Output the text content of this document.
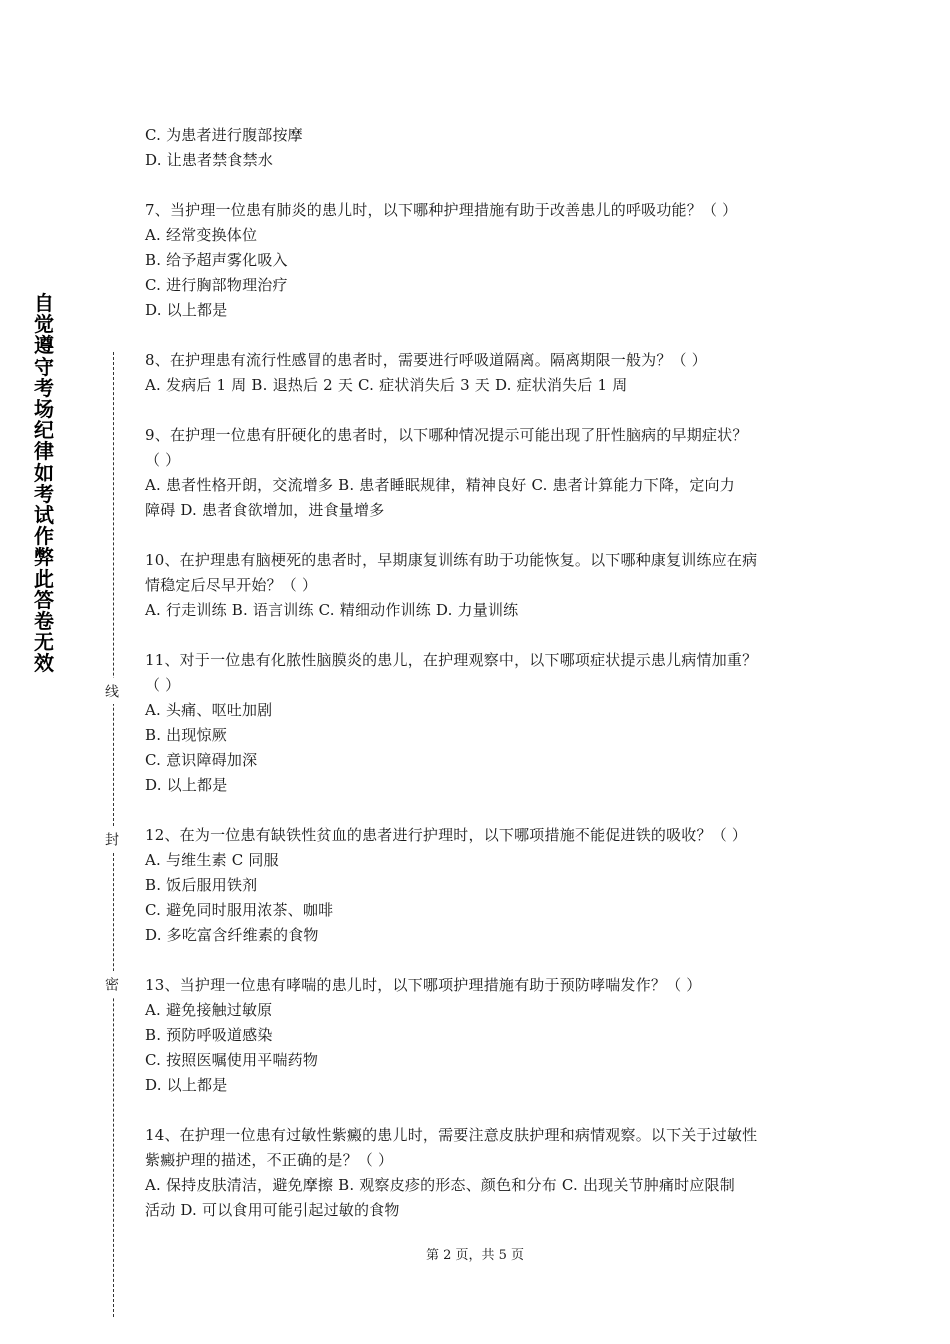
自觉遵守考场纪律如考试作弊此答卷无效
线
封
密
C. 为患者进行腹部按摩
D. 让患者禁食禁水
7、当护理一位患有肺炎的患儿时，以下哪种护理措施有助于改善患儿的呼吸功能？（ ）
A. 经常变换体位
B. 给予超声雾化吸入
C. 进行胸部物理治疗
D. 以上都是
8、在护理患有流行性感冒的患者时，需要进行呼吸道隔离。隔离期限一般为？（ ）
A. 发病后 1 周 B. 退热后 2 天 C. 症状消失后 3 天 D. 症状消失后 1 周
9、在护理一位患有肝硬化的患者时，以下哪种情况提示可能出现了肝性脑病的早期症状？
（ ）
A. 患者性格开朗，交流增多 B. 患者睡眠规律，精神良好 C. 患者计算能力下降，定向力
障碍 D. 患者食欲增加，进食量增多
10、在护理患有脑梗死的患者时，早期康复训练有助于功能恢复。以下哪种康复训练应在病
情稳定后尽早开始？（ ）
A. 行走训练 B. 语言训练 C. 精细动作训练 D. 力量训练
11、对于一位患有化脓性脑膜炎的患儿，在护理观察中，以下哪项症状提示患儿病情加重？
（ ）
A. 头痛、呕吐加剧
B. 出现惊厥
C. 意识障碍加深
D. 以上都是
12、在为一位患有缺铁性贫血的患者进行护理时，以下哪项措施不能促进铁的吸收？（ ）
A. 与维生素 C 同服
B. 饭后服用铁剂
C. 避免同时服用浓茶、咖啡
D. 多吃富含纤维素的食物
13、当护理一位患有哮喘的患儿时，以下哪项护理措施有助于预防哮喘发作？（ ）
A. 避免接触过敏原
B. 预防呼吸道感染
C. 按照医嘱使用平喘药物
D. 以上都是
14、在护理一位患有过敏性紫癜的患儿时，需要注意皮肤护理和病情观察。以下关于过敏性
紫癜护理的描述，不正确的是？（ ）
A. 保持皮肤清洁，避免摩擦 B. 观察皮疹的形态、颜色和分布 C. 出现关节肿痛时应限制
活动 D. 可以食用可能引起过敏的食物
第 2 页，共 5 页
